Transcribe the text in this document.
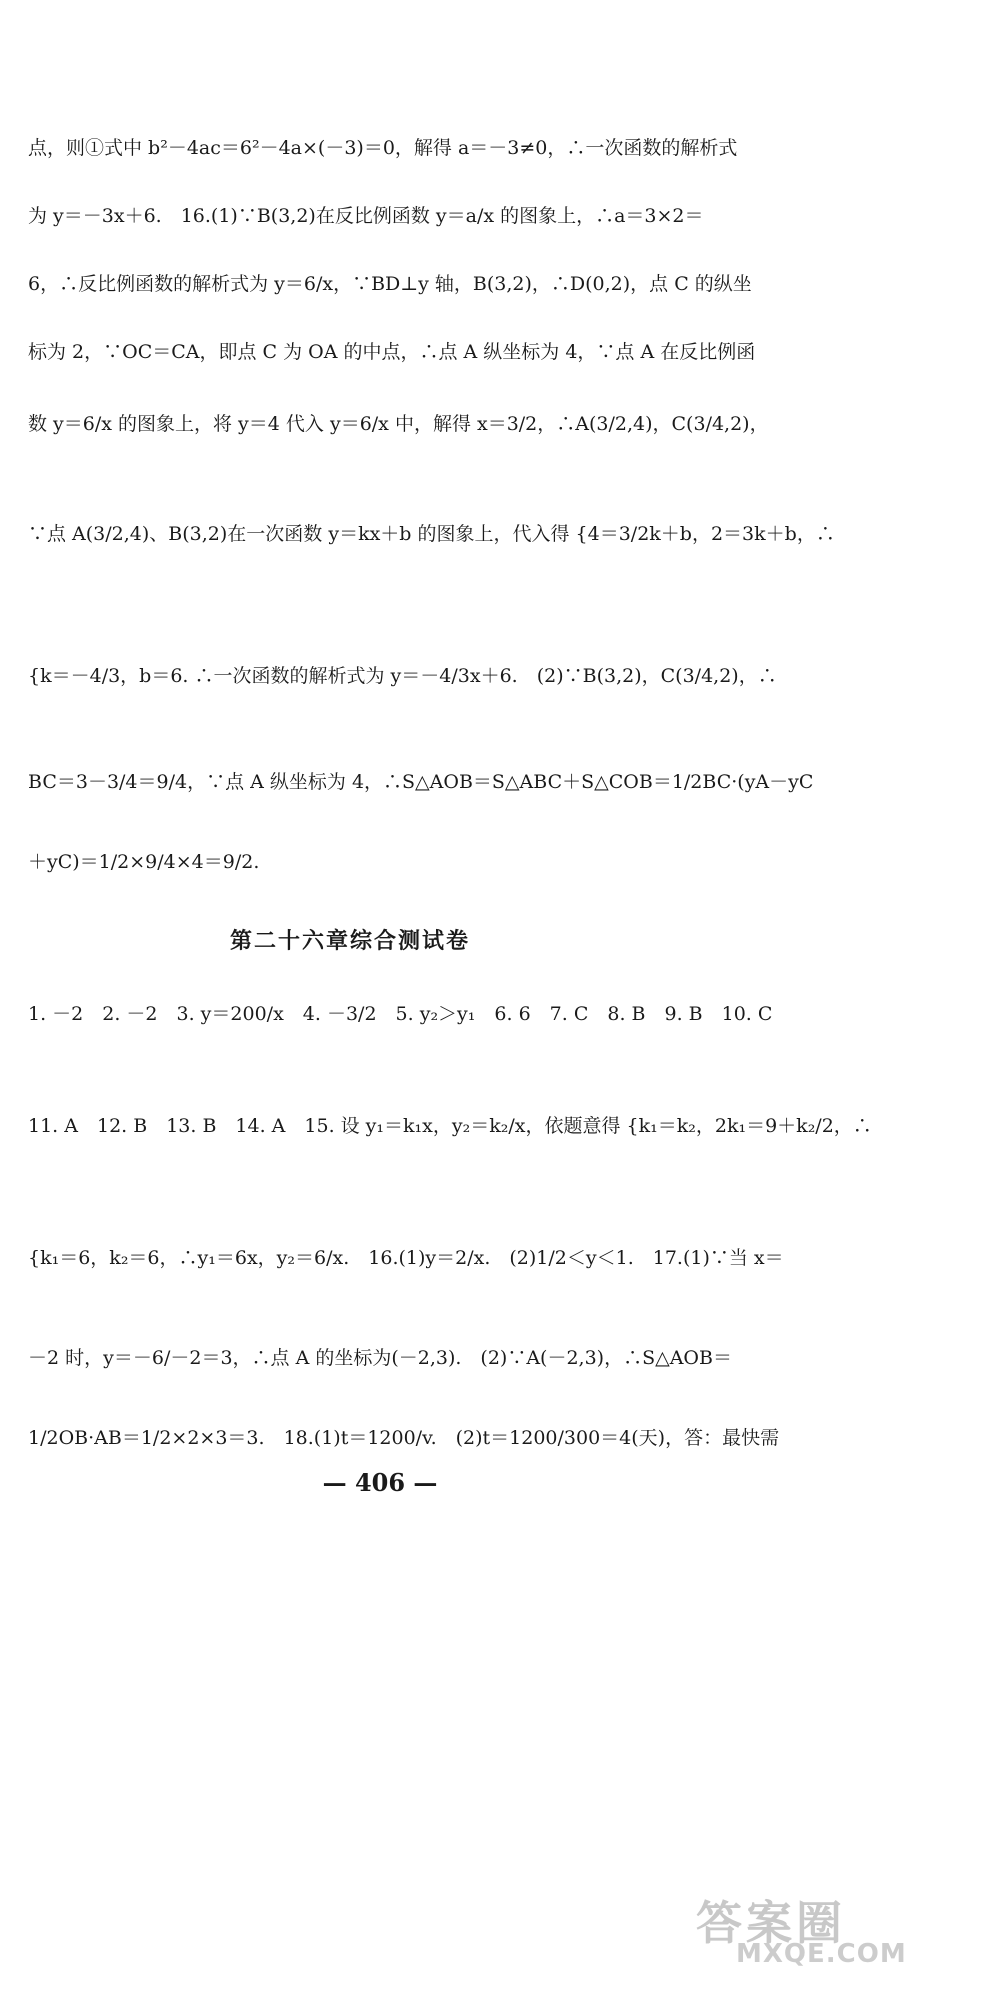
点，则①式中 b²－4ac＝6²－4a×(－3)＝0，解得 a＝－3≠0，∴一次函数的解析式
为 y＝－3x＋6.　16.(1)∵B(3,2)在反比例函数 y＝a/x 的图象上，∴a＝3×2＝
6，∴反比例函数的解析式为 y＝6/x，∵BD⊥y 轴，B(3,2)，∴D(0,2)，点 C 的纵坐
标为 2，∵OC＝CA，即点 C 为 OA 的中点，∴点 A 纵坐标为 4，∵点 A 在反比例函
数 y＝6/x 的图象上，将 y＝4 代入 y＝6/x 中，解得 x＝3/2，∴A(3/2,4)，C(3/4,2)，
∵点 A(3/2,4)、B(3,2)在一次函数 y＝kx＋b 的图象上，代入得 {4＝3/2k＋b，2＝3k＋b，∴
{k＝－4/3，b＝6. ∴一次函数的解析式为 y＝－4/3x＋6.　(2)∵B(3,2)，C(3/4,2)，∴
BC＝3－3/4＝9/4，∵点 A 纵坐标为 4，∴S△AOB＝S△ABC＋S△COB＝1/2BC·(yA－yC
＋yC)＝1/2×9/4×4＝9/2.
第二十六章综合测试卷
1. －2　2. －2　3. y＝200/x　4. －3/2　5. y₂＞y₁　6. 6　7. C　8. B　9. B　10. C
11. A　12. B　13. B　14. A　15. 设 y₁＝k₁x，y₂＝k₂/x，依题意得 {k₁＝k₂，2k₁＝9＋k₂/2，∴
{k₁＝6，k₂＝6，∴y₁＝6x，y₂＝6/x.　16.(1)y＝2/x.　(2)1/2＜y＜1.　17.(1)∵当 x＝
－2 时，y＝－6/－2＝3，∴点 A 的坐标为(－2,3).　(2)∵A(－2,3)，∴S△AOB＝
1/2OB·AB＝1/2×2×3＝3.　18.(1)t＝1200/v.　(2)t＝1200/300＝4(天)，答：最快需
— 406 —
答案圈
MXQE.COM
